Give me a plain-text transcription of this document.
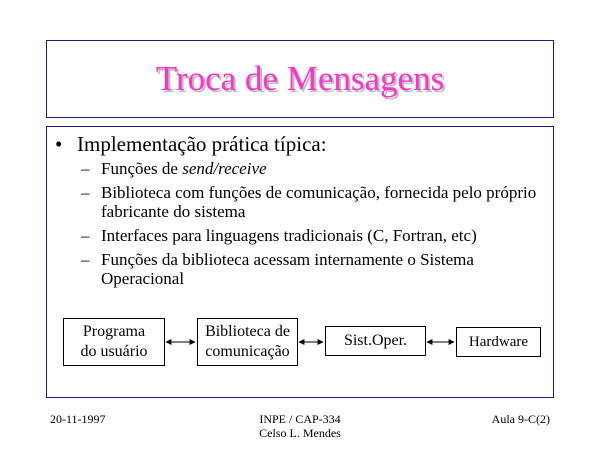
Troca de Mensagens
• Implementação prática típica:
– Funções de send/receive
– Biblioteca com funções de comunicação, fornecida pelo próprio fabricante do sistema
– Interfaces para linguagens tradicionais (C, Fortran, etc)
– Funções da biblioteca acessam internamente o Sistema Operacional
Programa
do usuário
Biblioteca de
comunicação
Sist.Oper.	Hardware
20-11-1997	INPE / CAP-334
Celso L. Mendes
Aula 9-C(2)
